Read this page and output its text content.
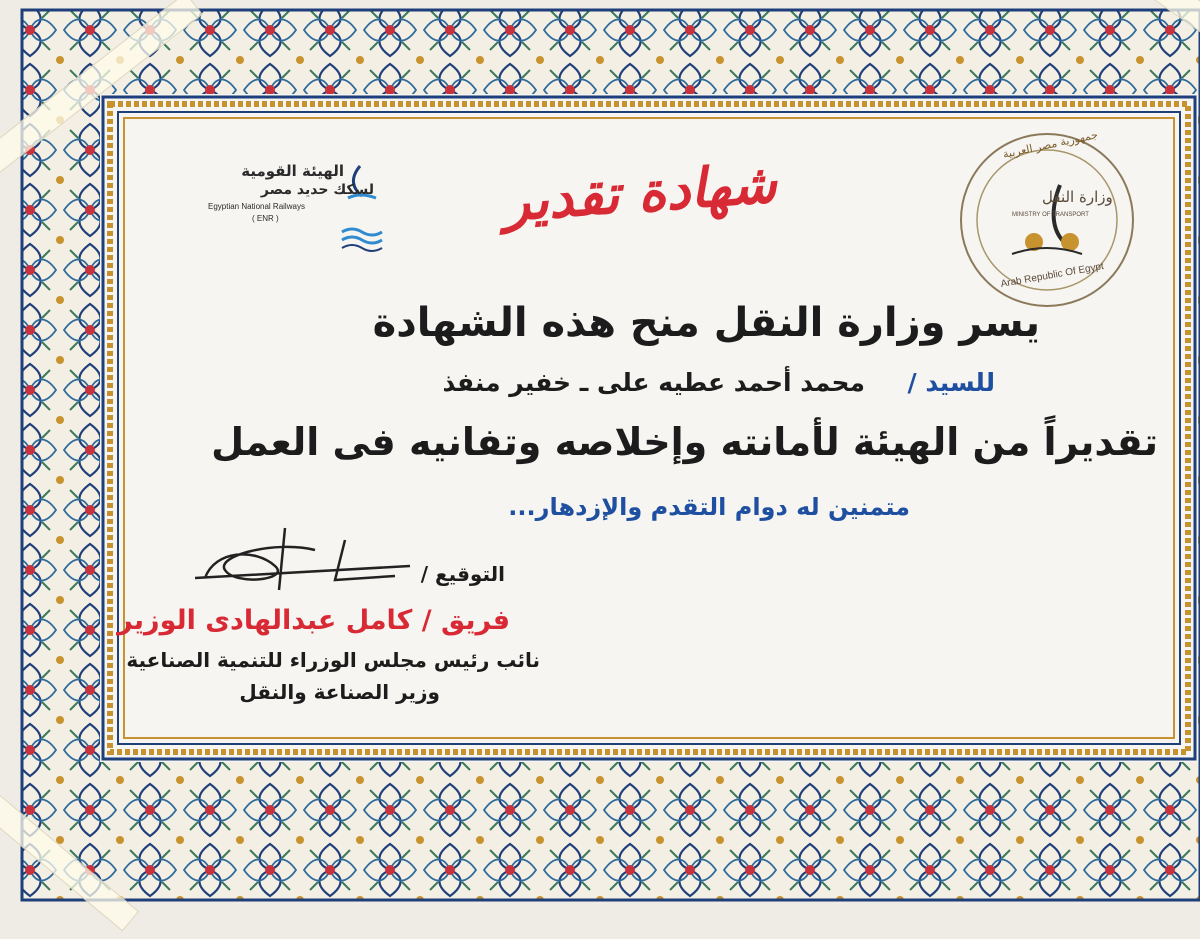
الهيئة القومية
لسكك حديد مصر
Egyptian National Railways
( ENR )	شهادة تقدير
جمهورية مصر العربية
وزارة النقل
MINISTRY OF TRANSPORT
Arab Republic Of Egypt
يسر وزارة النقل منح هذه الشهادة
للسيد /
محمد أحمد عطيه على ـ خفير منفذ
تقديراً من الهيئة لأمانته وإخلاصه وتفانيه فى العمل
متمنين له دوام التقدم والإزدهار...
التوقيع /
فريق / كامل عبدالهادى الوزير
نائب رئيس مجلس الوزراء للتنمية الصناعية
وزير الصناعة والنقل
